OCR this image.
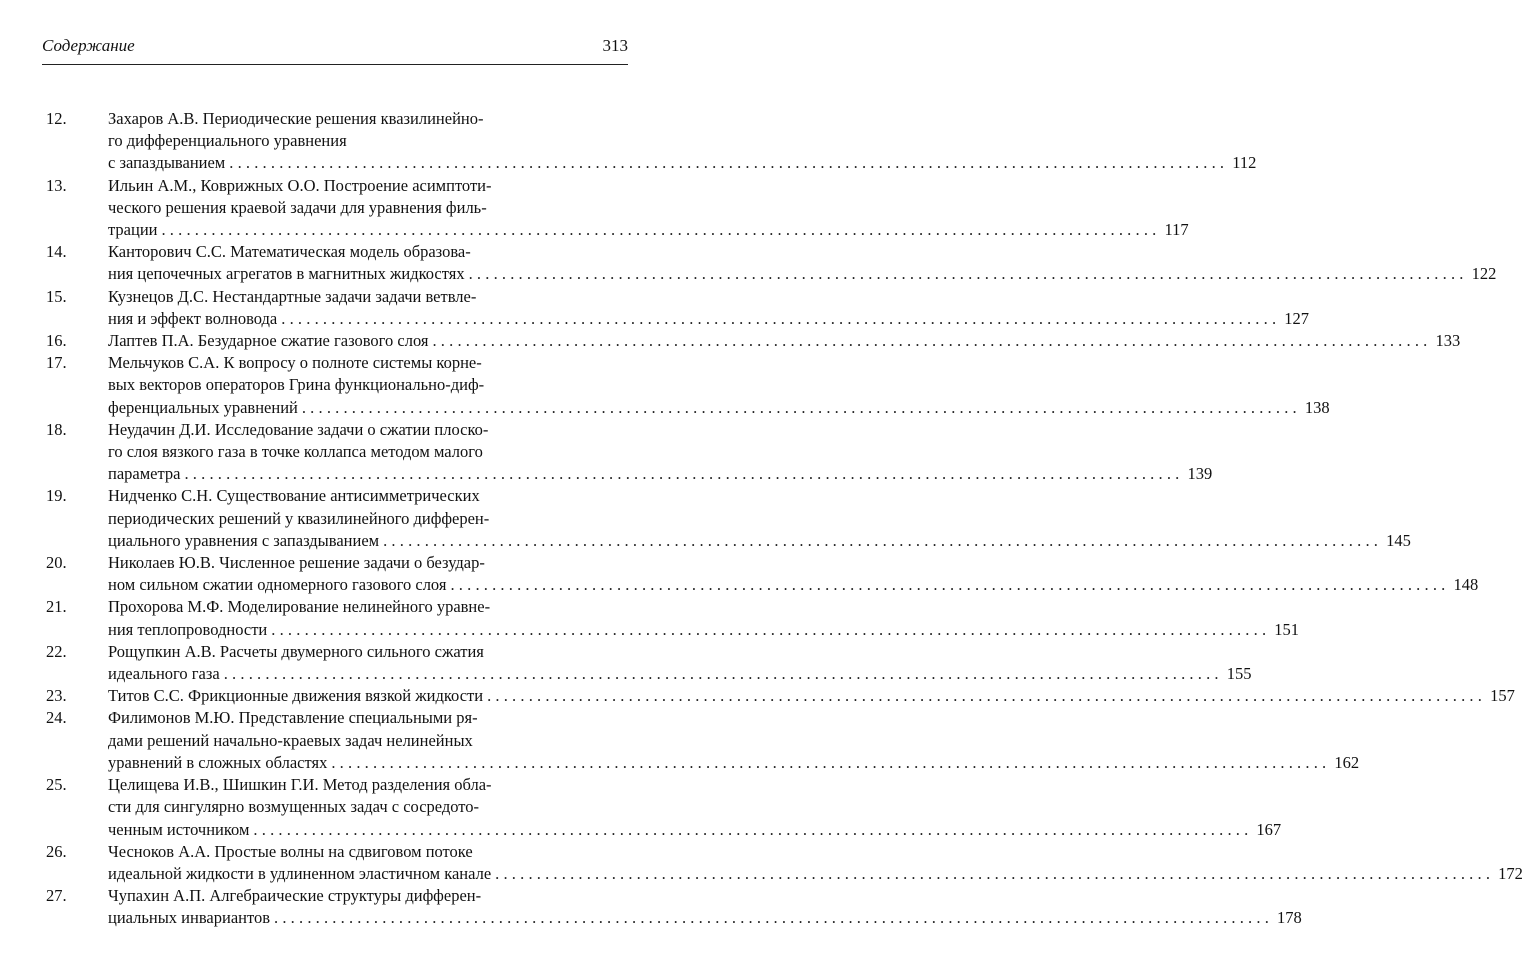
Содержание	313
12.	Захаров А.В. Периодические решения квазилинейно-
го дифференциального уравнения
с запаздыванием ........................................................................................................................ 112
13.	Ильин А.М., Коврижных О.О. Построение асимптоти-
ческого решения краевой задачи для уравнения филь-
трации ........................................................................................................................ 117
14.	Канторович С.С. Математическая модель образова-
ния цепочечных агрегатов в магнитных жидкостях ........................................................................................................................ 122
15.	Кузнецов Д.С. Нестандартные задачи задачи ветвле-
ния и эффект волновода ........................................................................................................................ 127
16.	Лаптев П.А. Безударное сжатие газового слоя ........................................................................................................................ 133
17.	Мельчуков С.А. К вопросу о полноте системы корне-
вых векторов операторов Грина функционально-диф-
ференциальных уравнений ........................................................................................................................ 138
18.	Неудачин Д.И. Исследование задачи о сжатии плоско-
го слоя вязкого газа в точке коллапса методом малого
параметра ........................................................................................................................ 139
19.	Нидченко С.Н. Существование антисимметрических
периодических решений у квазилинейного дифферен-
циального уравнения с запаздыванием ........................................................................................................................ 145
20.	Николаев Ю.В. Численное решение задачи о безудар-
ном сильном сжатии одномерного газового слоя ........................................................................................................................ 148
21.	Прохорова М.Ф. Моделирование нелинейного уравне-
ния теплопроводности ........................................................................................................................ 151
22.	Рощупкин А.В. Расчеты двумерного сильного сжатия
идеального газа ........................................................................................................................ 155
23.	Титов С.С. Фрикционные движения вязкой жидкости ........................................................................................................................ 157
24.	Филимонов М.Ю. Представление специальными ря-
дами решений начально-краевых задач нелинейных
уравнений в сложных областях ........................................................................................................................ 162
25.	Целищева И.В., Шишкин Г.И. Метод разделения обла-
сти для сингулярно возмущенных задач с сосредото-
ченным источником ........................................................................................................................ 167
26.	Чесноков А.А. Простые волны на сдвиговом потоке
идеальной жидкости в удлиненном эластичном канале ........................................................................................................................ 172
27.	Чупахин А.П. Алгебраические структуры дифферен-
циальных инвариантов ........................................................................................................................ 178
